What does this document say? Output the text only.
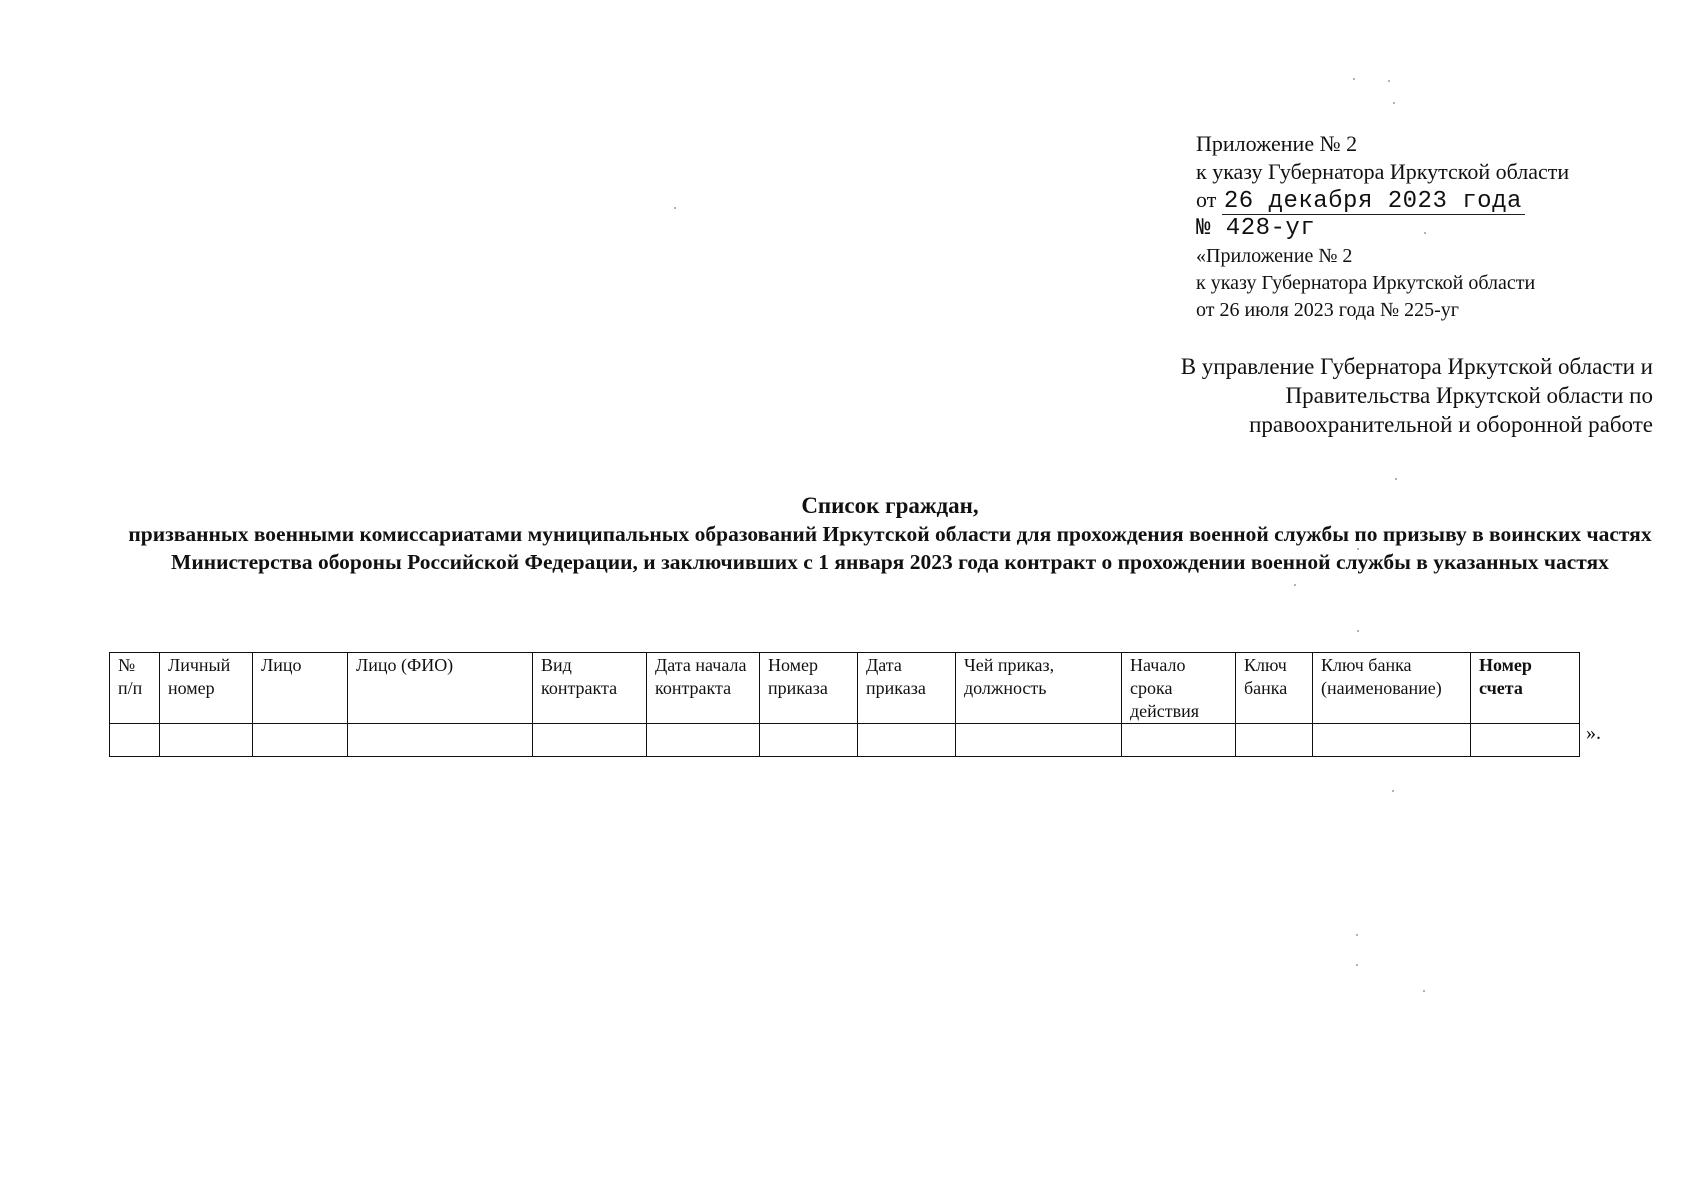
Приложение № 2
к указу Губернатора Иркутской области
от 26 декабря 2023 года
№ 428-уг
«Приложение № 2
к указу Губернатора Иркутской области
от 26 июля 2023 года № 225-уг
В управление Губернатора Иркутской области и
Правительства Иркутской области по
правоохранительной и оборонной работе
Список граждан,
призванных военными комиссариатами муниципальных образований Иркутской области для прохождения военной службы по призыву в воинских частях Министерства обороны Российской Федерации, и заключивших с 1 января 2023 года контракт о прохождении военной службы в указанных частях
№ п/п	Личный номер	Лицо	Лицо (ФИО)	Вид контракта	Дата начала контракта	Номер приказа	Дата приказа	Чей приказ, должность	Начало срока действия	Ключ банка	Ключ банка (наименование)	Номер счета

».
